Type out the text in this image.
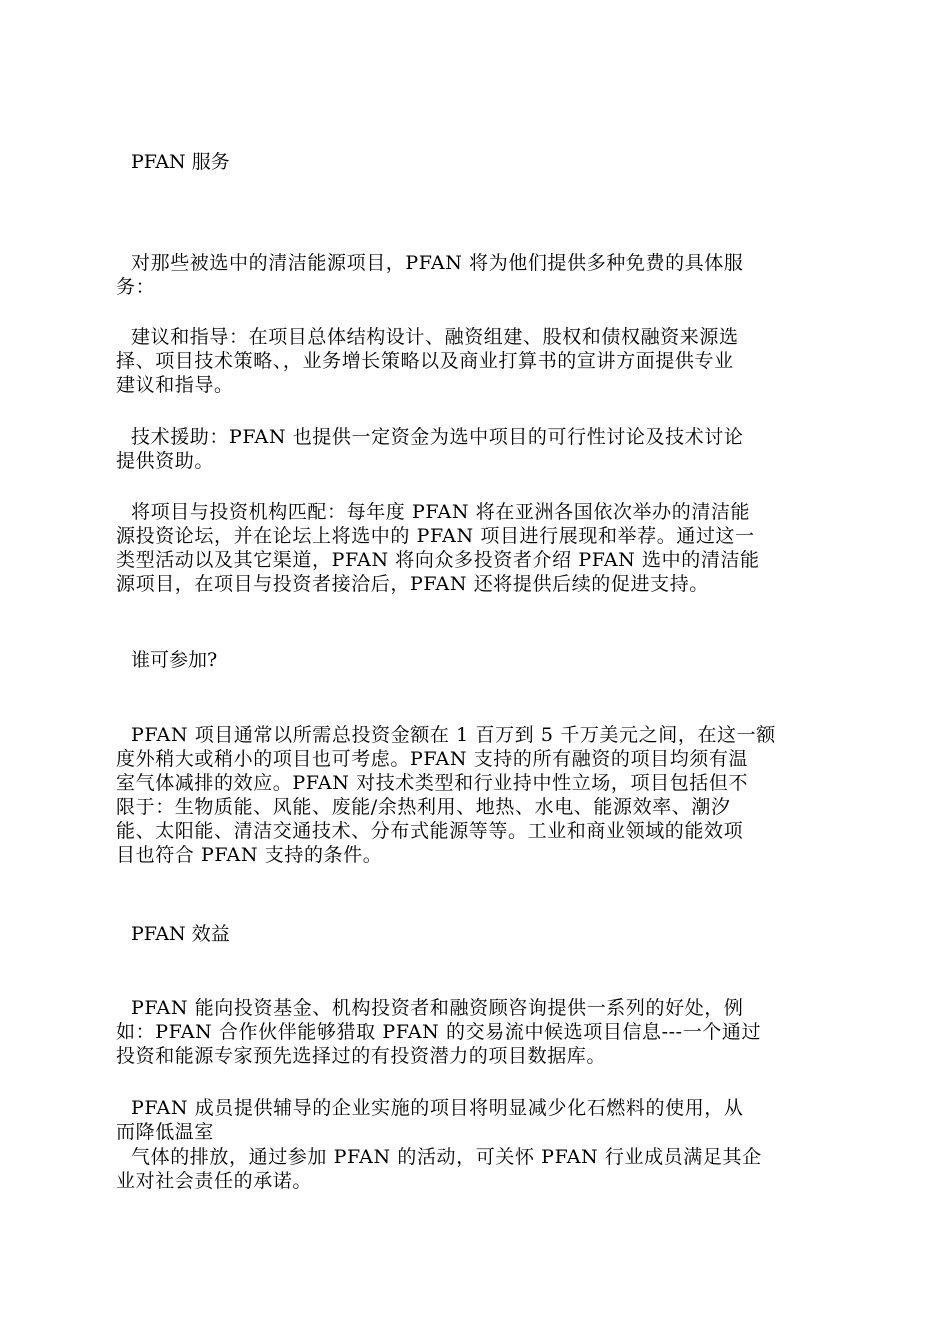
PFAN 服务
对那些被选中的清洁能源项目，PFAN 将为他们提供多种免费的具体服
务：
建议和指导：在项目总体结构设计、融资组建、股权和债权融资来源选
择、项目技术策略、，业务增长策略以及商业打算书的宣讲方面提供专业
建议和指导。
技术援助：PFAN 也提供一定资金为选中项目的可行性讨论及技术讨论
提供资助。
将项目与投资机构匹配：每年度 PFAN 将在亚洲各国依次举办的清洁能
源投资论坛，并在论坛上将选中的 PFAN 项目进行展现和举荐。通过这一
类型活动以及其它渠道，PFAN 将向众多投资者介绍 PFAN 选中的清洁能
源项目，在项目与投资者接洽后，PFAN 还将提供后续的促进支持。
谁可参加?
PFAN 项目通常以所需总投资金额在 1 百万到 5 千万美元之间，在这一额
度外稍大或稍小的项目也可考虑。PFAN 支持的所有融资的项目均须有温
室气体减排的效应。PFAN 对技术类型和行业持中性立场，项目包括但不
限于：生物质能、风能、废能/余热利用、地热、水电、能源效率、潮汐
能、太阳能、清洁交通技术、分布式能源等等。工业和商业领域的能效项
目也符合 PFAN 支持的条件。
PFAN 效益
PFAN 能向投资基金、机构投资者和融资顾咨询提供一系列的好处，例
如：PFAN 合作伙伴能够猎取 PFAN 的交易流中候选项目信息---一个通过
投资和能源专家预先选择过的有投资潜力的项目数据库。
PFAN 成员提供辅导的企业实施的项目将明显减少化石燃料的使用，从
而降低温室
气体的排放，通过参加 PFAN 的活动，可关怀 PFAN 行业成员满足其企
业对社会责任的承诺。
